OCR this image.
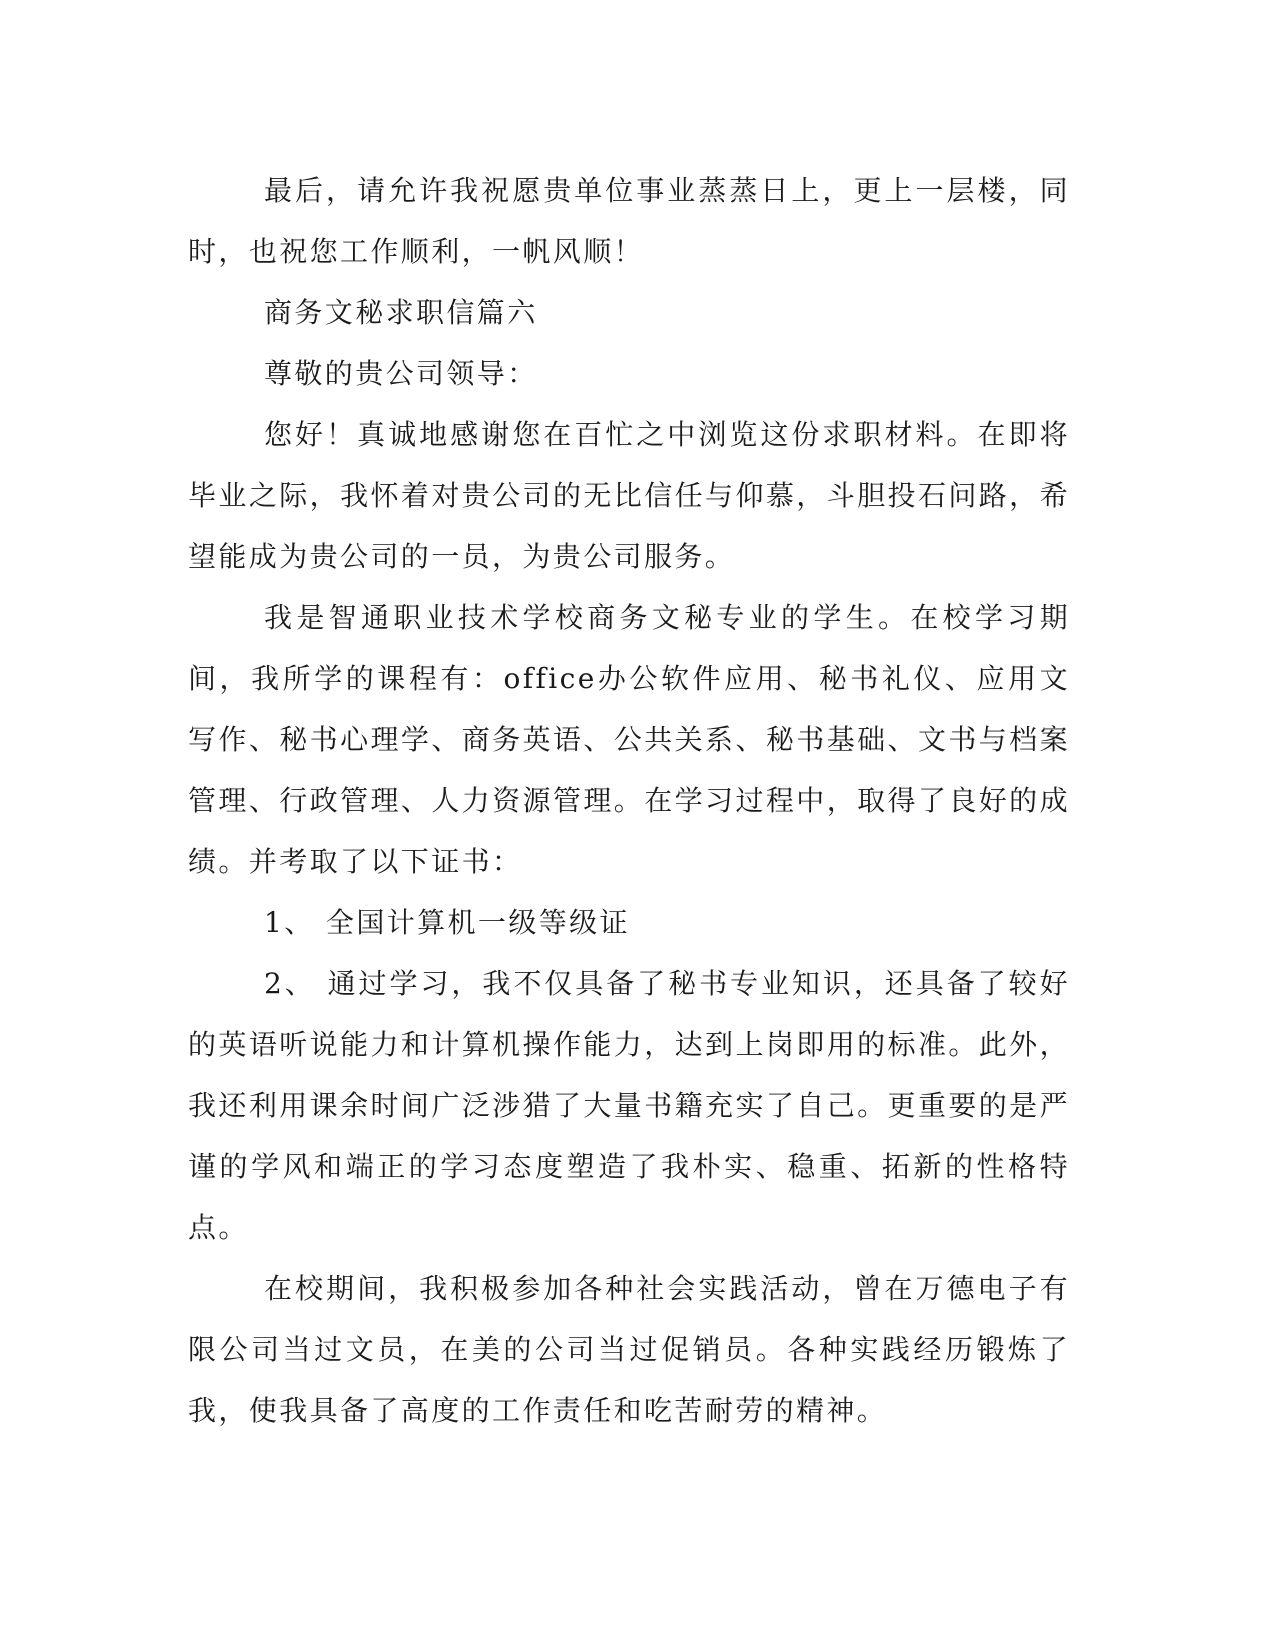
最后，请允许我祝愿贵单位事业蒸蒸日上，更上一层楼，同时，也祝您工作顺利，一帆风顺！

商务文秘求职信篇六

尊敬的贵公司领导：

您好！真诚地感谢您在百忙之中浏览这份求职材料。在即将毕业之际，我怀着对贵公司的无比信任与仰慕，斗胆投石问路，希望能成为贵公司的一员，为贵公司服务。

我是智通职业技术学校商务文秘专业的学生。在校学习期间，我所学的课程有：office办公软件应用、秘书礼仪、应用文写作、秘书心理学、商务英语、公共关系、秘书基础、文书与档案管理、行政管理、人力资源管理。在学习过程中，取得了良好的成绩。并考取了以下证书：

1、 全国计算机一级等级证

2、 通过学习，我不仅具备了秘书专业知识，还具备了较好的英语听说能力和计算机操作能力，达到上岗即用的标准。此外，我还利用课余时间广泛涉猎了大量书籍充实了自己。更重要的是严谨的学风和端正的学习态度塑造了我朴实、稳重、拓新的性格特点。

在校期间，我积极参加各种社会实践活动，曾在万德电子有限公司当过文员，在美的公司当过促销员。各种实践经历锻炼了我，使我具备了高度的工作责任和吃苦耐劳的精神。
